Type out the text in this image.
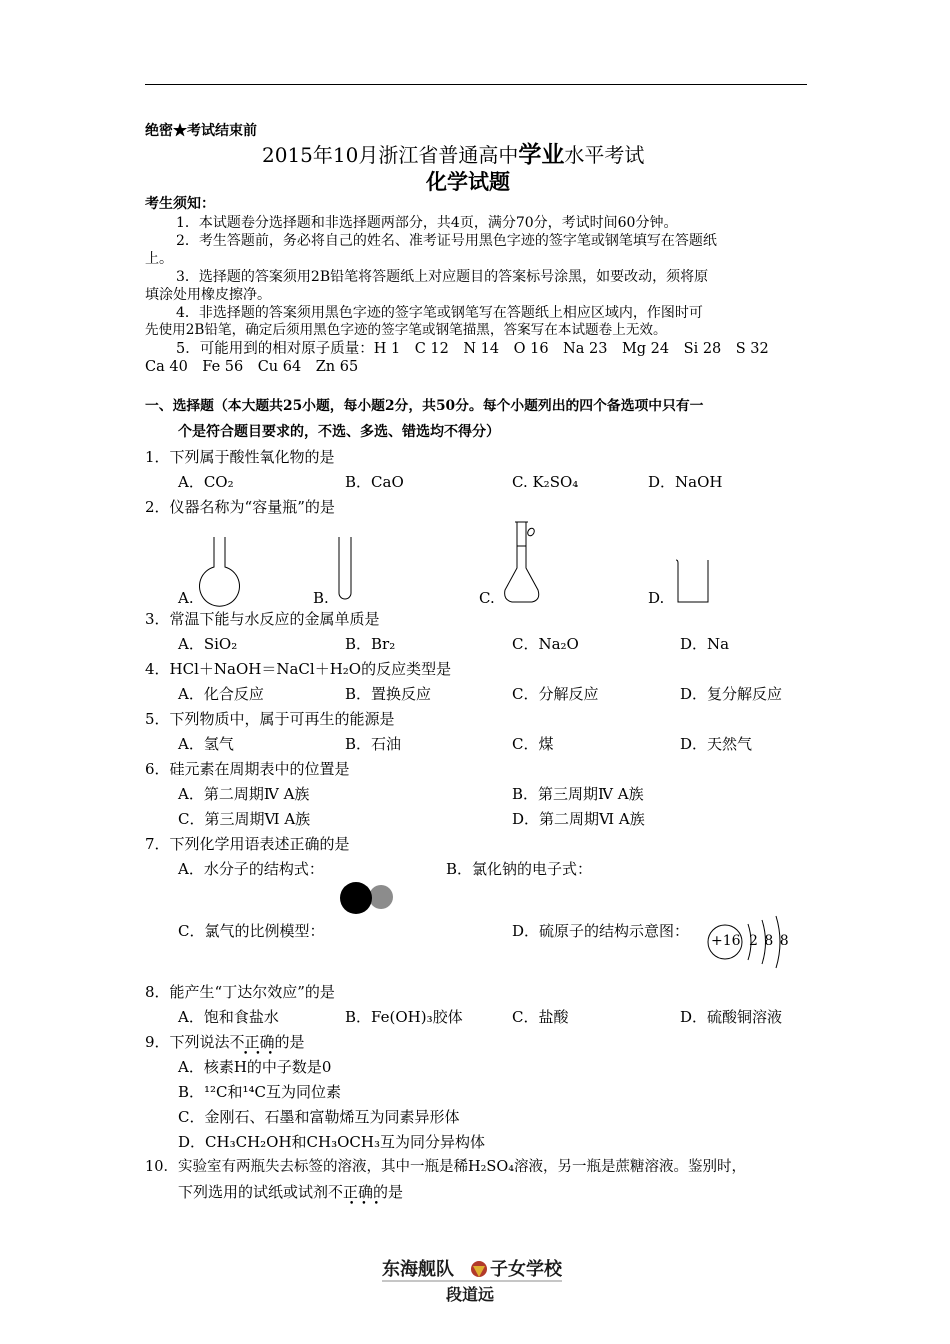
绝密★考试结束前
2015年10月浙江省普通高中学业水平考试
化学试题
考生须知：
1．本试题卷分选择题和非选择题两部分，共4页，满分70分，考试时间60分钟。
2．考生答题前，务必将自己的姓名、准考证号用黑色字迹的签字笔或钢笔填写在答题纸
上。
3．选择题的答案须用2B铅笔将答题纸上对应题目的答案标号涂黑，如要改动，须将原
填涂处用橡皮擦净。
4．非选择题的答案须用黑色字迹的签字笔或钢笔写在答题纸上相应区域内，作图时可
先使用2B铅笔，确定后须用黑色字迹的签字笔或钢笔描黑，答案写在本试题卷上无效。
5．可能用到的相对原子质量：H 1　C 12　N 14　O 16　Na 23　Mg 24　Si 28　S 32
Ca 40　Fe 56　Cu 64　Zn 65
一、选择题（本大题共25小题，每小题2分，共50分。每个小题列出的四个备选项中只有一
个是符合题目要求的，不选、多选、错选均不得分）
1．下列属于酸性氧化物的是
A．CO₂	B．CaO	C. K₂SO₄	D．NaOH
2．仪器名称为“容量瓶”的是
A.	B.	C.	D.
3．常温下能与水反应的金属单质是
A．SiO₂	B．Br₂	C．Na₂O	D．Na
4．HCl＋NaOH＝NaCl＋H₂O的反应类型是
A．化合反应	B．置换反应	C．分解反应	D．复分解反应
5．下列物质中，属于可再生的能源是
A．氢气	B．石油	C．煤	D．天然气
6．硅元素在周期表中的位置是
A．第二周期Ⅳ A族	B．第三周期Ⅳ A族
C．第三周期Ⅵ A族	D．第二周期Ⅵ A族
7．下列化学用语表述正确的是
A．水分子的结构式：	B．氯化钠的电子式：
C．氯气的比例模型：	D．硫原子的结构示意图：
+16 2 8 8
8．能产生“丁达尔效应”的是
A．饱和食盐水	B．Fe(OH)₃胶体	C．盐酸	D．硫酸铜溶液
9．下列说法不正确的是
•••
A．核素H的中子数是0
B．¹²C和¹⁴C互为同位素
C．金刚石、石墨和富勒烯互为同素异形体
D．CH₃CH₂OH和CH₃OCH₃互为同分异构体
10．实验室有两瓶失去标签的溶液，其中一瓶是稀H₂SO₄溶液，另一瓶是蔗糖溶液。鉴别时，
下列选用的试纸或试剂不正确的是
•••
东海舰队 子女学校
段道远
